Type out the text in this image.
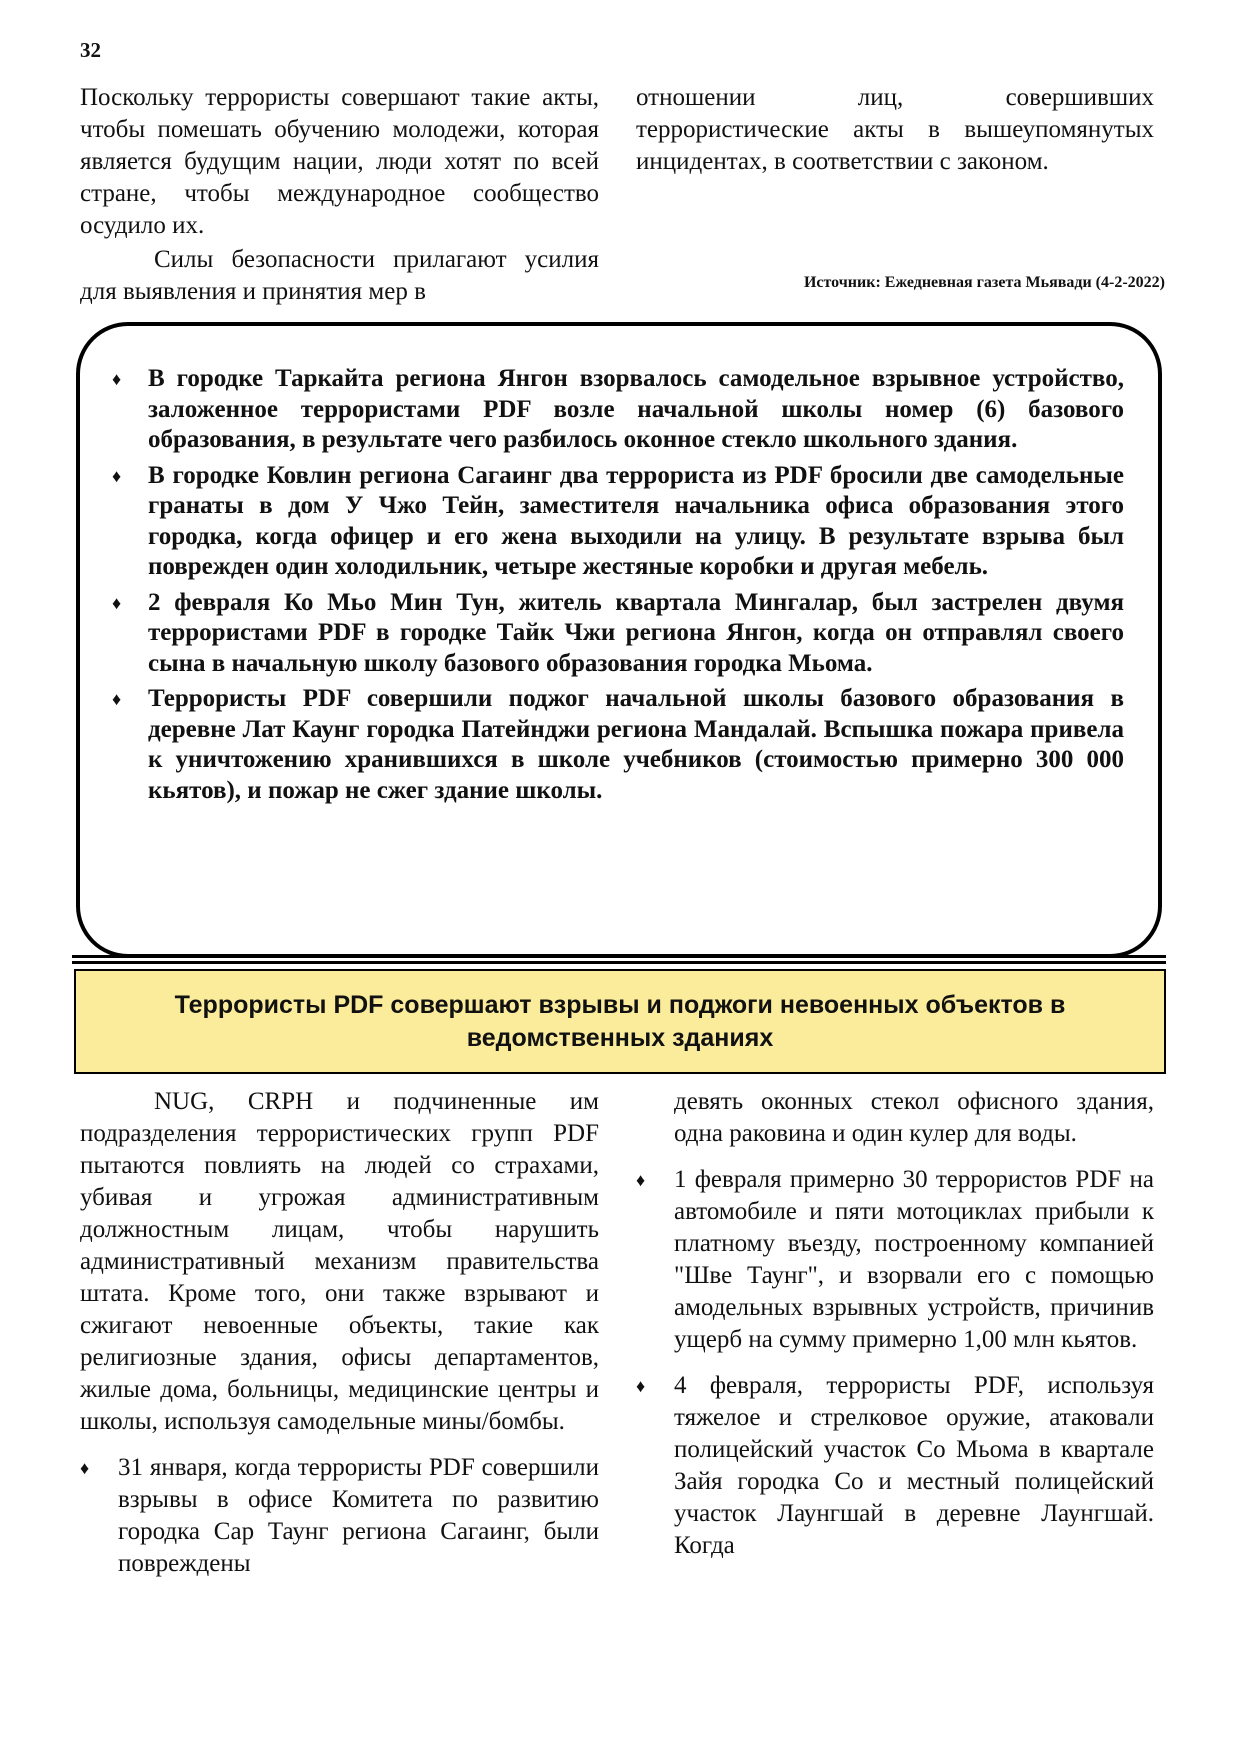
32

Поскольку террористы совершают такие акты, чтобы помешать обучению молодежи, которая является будущим нации, люди хотят по всей стране, чтобы международное сообщество осудило их.

Силы безопасности прилагают усилия для выявления и принятия мер в

отношении лиц, совершивших террористические акты в вышеупомянутых инцидентах, в соответствии с законом.

Источник: Ежедневная газета Мьявади (4-2-2022)
♦ В городке Таркайта региона Янгон взорвалось самодельное взрывное устройство, заложенное террористами PDF возле начальной школы номер (6) базового образования, в результате чего разбилось оконное стекло школьного здания.
♦ В городке Ковлин региона Сагаинг два террориста из PDF бросили две самодельные гранаты в дом У Чжо Тейн, заместителя начальника офиса образования этого городка, когда офицер и его жена выходили на улицу. В результате взрыва был поврежден один холодильник, четыре жестяные коробки и другая мебель.
♦ 2 февраля Ко Мьо Мин Тун, житель квартала Мингалар, был застрелен двумя террористами PDF в городке Тайк Чжи региона Янгон, когда он отправлял своего сына в начальную школу базового образования городка Мьома.
♦ Террористы PDF совершили поджог начальной школы базового образования в деревне Лат Каунг городка Патейнджи региона Мандалай. Вспышка пожара привела к уничтожению хранившихся в школе учебников (стоимостью примерно 300 000 кьятов), и пожар не сжег здание школы.
Террористы PDF совершают взрывы и поджоги невоенных объектов в ведомственных зданиях

NUG, CRPH и подчиненные им подразделения террористических групп PDF пытаются повлиять на людей со страхами, убивая и угрожая административным должностным лицам, чтобы нарушить административный механизм правительства штата. Кроме того, они также взрывают и сжигают невоенные объекты, такие как религиозные здания, офисы департаментов, жилые дома, больницы, медицинские центры и школы, используя самодельные мины/бомбы.

♦ 31 января, когда террористы PDF совершили взрывы в офисе Комитета по развитию городка Сар Таунг региона Сагаинг, были повреждены

девять оконных стекол офисного здания, одна раковина и один кулер для воды.

♦ 1 февраля примерно 30 террористов PDF на автомобиле и пяти мотоциклах прибыли к платному въезду, построенному компанией "Шве Таунг", и взорвали его с помощью амодельных взрывных устройств, причинив ущерб на сумму примерно 1,00 млн кьятов.
♦ 4 февраля, террористы PDF, используя тяжелое и стрелковое оружие, атаковали полицейский участок Со Мьома в квартале Зайя городка Со и местный полицейский участок Лаунгшай в деревне Лаунгшай. Когда
